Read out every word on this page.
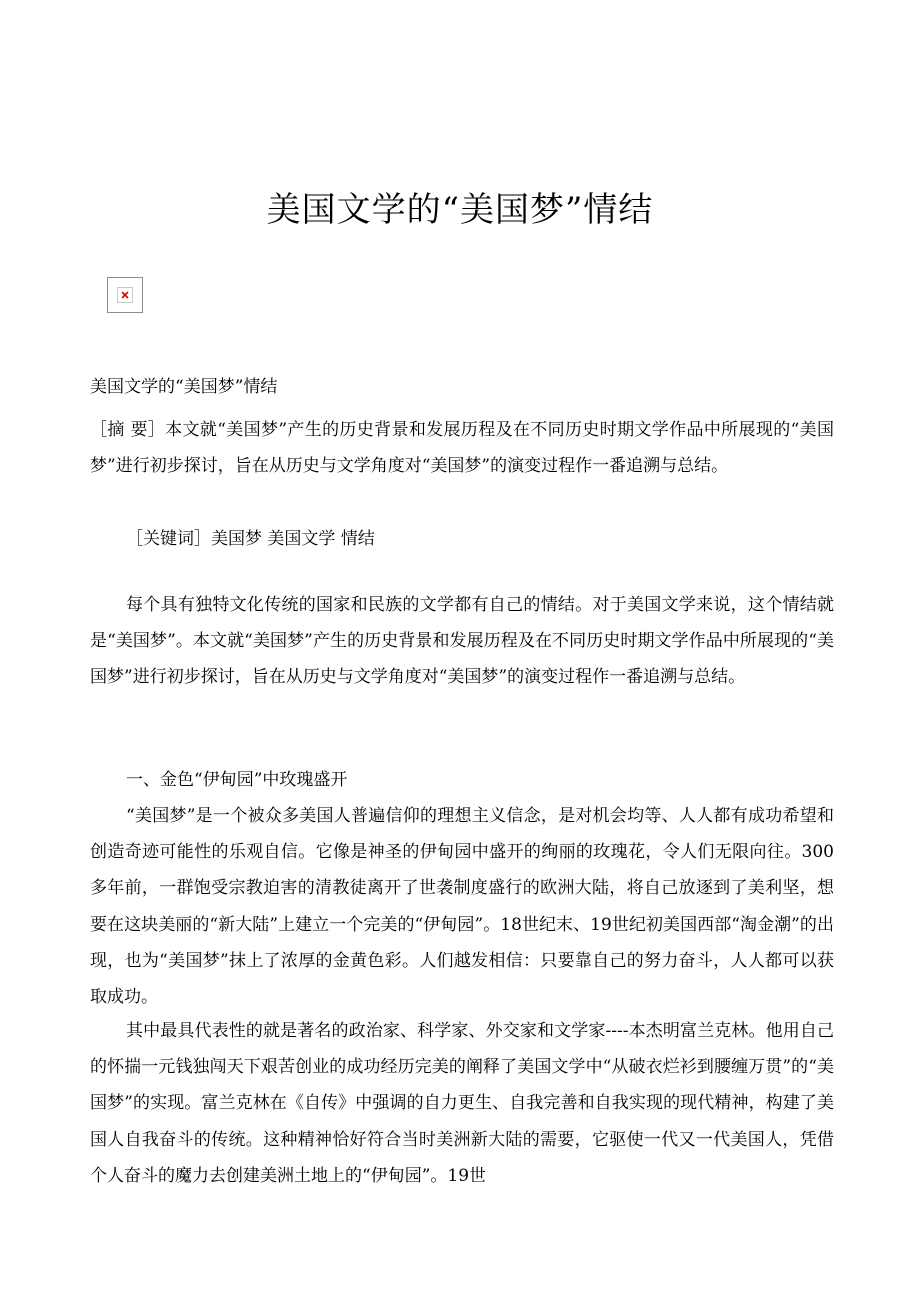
美国文学的“美国梦”情结
美国文学的“美国梦”情结
［摘 要］本文就“美国梦”产生的历史背景和发展历程及在不同历史时期文学作品中所展现的“美国梦”进行初步探讨，旨在从历史与文学角度对“美国梦”的演变过程作一番追溯与总结。
［关键词］美国梦 美国文学 情结
每个具有独特文化传统的国家和民族的文学都有自己的情结。对于美国文学来说，这个情结就是“美国梦”。本文就“美国梦”产生的历史背景和发展历程及在不同历史时期文学作品中所展现的“美国梦”进行初步探讨，旨在从历史与文学角度对“美国梦”的演变过程作一番追溯与总结。
一、金色“伊甸园”中玫瑰盛开
“美国梦”是一个被众多美国人普遍信仰的理想主义信念，是对机会均等、人人都有成功希望和创造奇迹可能性的乐观自信。它像是神圣的伊甸园中盛开的绚丽的玫瑰花，令人们无限向往。300多年前，一群饱受宗教迫害的清教徒离开了世袭制度盛行的欧洲大陆，将自己放逐到了美利坚，想要在这块美丽的“新大陆”上建立一个完美的“伊甸园”。18世纪末、19世纪初美国西部“淘金潮”的出现，也为“美国梦”抹上了浓厚的金黄色彩。人们越发相信：只要靠自己的努力奋斗，人人都可以获取成功。
其中最具代表性的就是著名的政治家、科学家、外交家和文学家----本杰明富兰克林。他用自己的怀揣一元钱独闯天下艰苦创业的成功经历完美的阐释了美国文学中“从破衣烂衫到腰缠万贯”的“美国梦”的实现。富兰克林在《自传》中强调的自力更生、自我完善和自我实现的现代精神，构建了美国人自我奋斗的传统。这种精神恰好符合当时美洲新大陆的需要，它驱使一代又一代美国人，凭借个人奋斗的魔力去创建美洲土地上的“伊甸园”。19世
